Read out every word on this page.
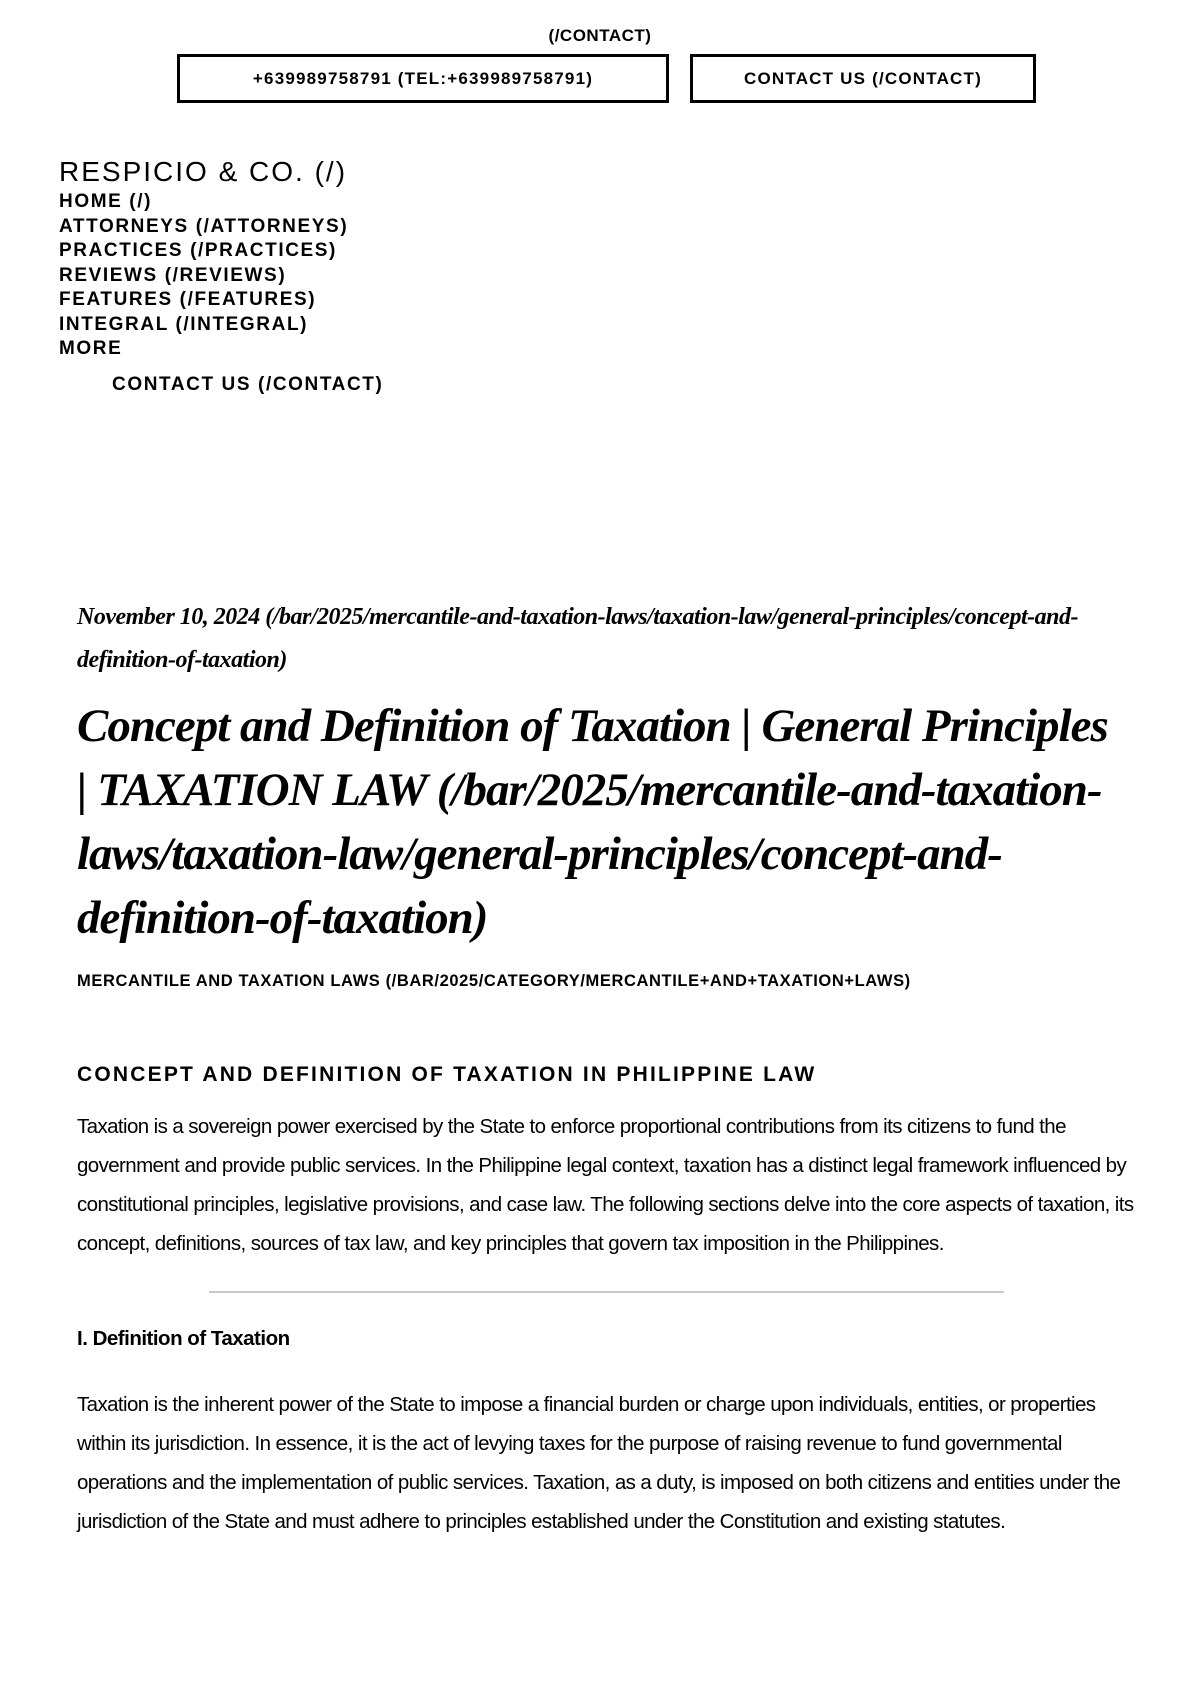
(/CONTACT)
+639989758791 (TEL:+639989758791)	CONTACT US (/CONTACT)
RESPICIO & CO. (/)
HOME (/)
ATTORNEYS (/ATTORNEYS)
PRACTICES (/PRACTICES)
REVIEWS (/REVIEWS)
FEATURES (/FEATURES)
INTEGRAL (/INTEGRAL)
MORE
CONTACT US (/CONTACT)

November 10, 2024 (/bar/2025/mercantile-and-taxation-laws/taxation-law/general-principles/concept-and-definition-of-taxation)

Concept and Definition of Taxation | General Principles | TAXATION LAW (/bar/2025/mercantile-and-taxation-laws/taxation-law/general-principles/concept-and-definition-of-taxation)
MERCANTILE AND TAXATION LAWS (/BAR/2025/CATEGORY/MERCANTILE+AND+TAXATION+LAWS)
CONCEPT AND DEFINITION OF TAXATION IN PHILIPPINE LAW

Taxation is a sovereign power exercised by the State to enforce proportional contributions from its citizens to fund the government and provide public services. In the Philippine legal context, taxation has a distinct legal framework influenced by constitutional principles, legislative provisions, and case law. The following sections delve into the core aspects of taxation, its concept, definitions, sources of tax law, and key principles that govern tax imposition in the Philippines.

I. Definition of Taxation

Taxation is the inherent power of the State to impose a financial burden or charge upon individuals, entities, or properties within its jurisdiction. In essence, it is the act of levying taxes for the purpose of raising revenue to fund governmental operations and the implementation of public services. Taxation, as a duty, is imposed on both citizens and entities under the jurisdiction of the State and must adhere to principles established under the Constitution and existing statutes.
